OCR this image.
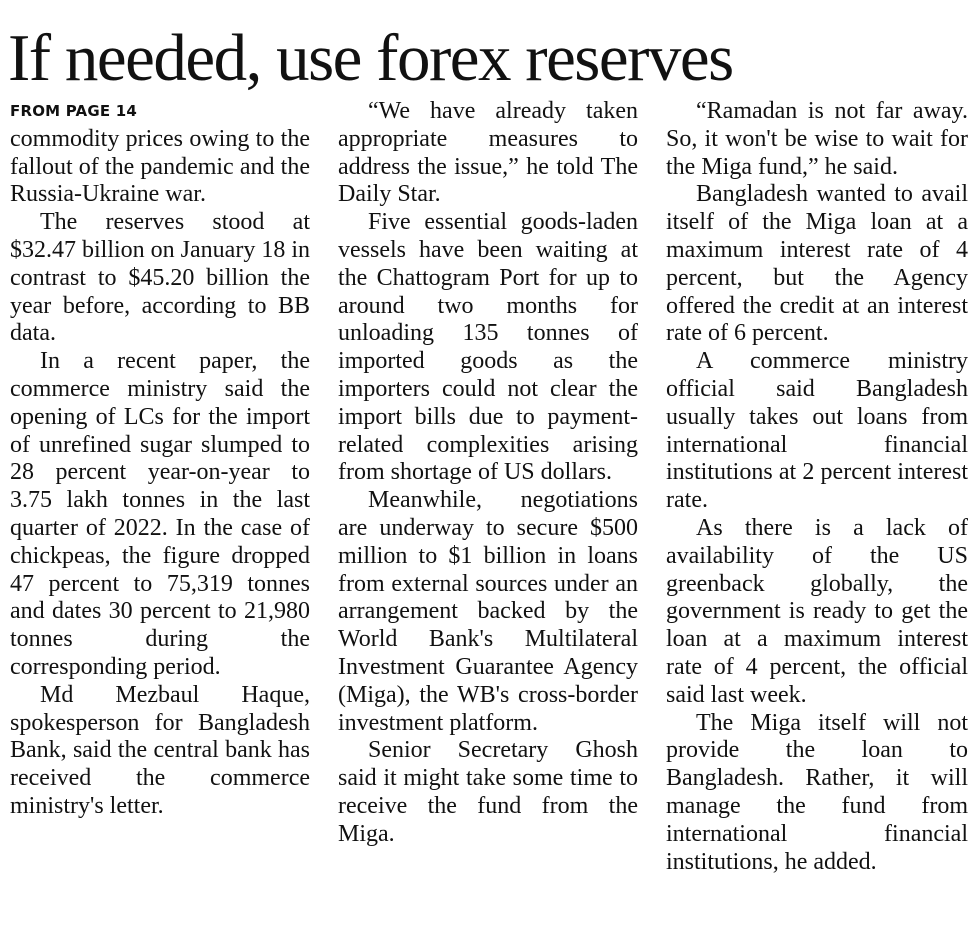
If needed, use forex reserves
FROM PAGE 14

commodity prices owing to the fallout of the pandemic and the Russia-Ukraine war.

The reserves stood at $32.47 billion on January 18 in contrast to $45.20 billion the year before, according to BB data.

In a recent paper, the commerce ministry said the opening of LCs for the import of unrefined sugar slumped to 28 percent year-on-year to 3.75 lakh tonnes in the last quarter of 2022. In the case of chickpeas, the figure dropped 47 percent to 75,319 tonnes and dates 30 percent to 21,980 tonnes during the corresponding period.

Md Mezbaul Haque, spokesperson for Bangladesh Bank, said the central bank has received the commerce ministry's letter.

“We have already taken appropriate measures to address the issue,” he told The Daily Star.

Five essential goods-laden vessels have been waiting at the Chattogram Port for up to around two months for unloading 135 tonnes of imported goods as the importers could not clear the import bills due to payment-related complexities arising from shortage of US dollars.

Meanwhile, negotiations are underway to secure $500 million to $1 billion in loans from external sources under an arrangement backed by the World Bank's Multilateral Investment Guarantee Agency (Miga), the WB's cross-border investment platform.

Senior Secretary Ghosh said it might take some time to receive the fund from the Miga.

“Ramadan is not far away. So, it won't be wise to wait for the Miga fund,” he said.

Bangladesh wanted to avail itself of the Miga loan at a maximum interest rate of 4 percent, but the Agency offered the credit at an interest rate of 6 percent.

A commerce ministry official said Bangladesh usually takes out loans from international financial institutions at 2 percent interest rate.

As there is a lack of availability of the US greenback globally, the government is ready to get the loan at a maximum interest rate of 4 percent, the official said last week.

The Miga itself will not provide the loan to Bangladesh. Rather, it will manage the fund from international financial institutions, he added.
